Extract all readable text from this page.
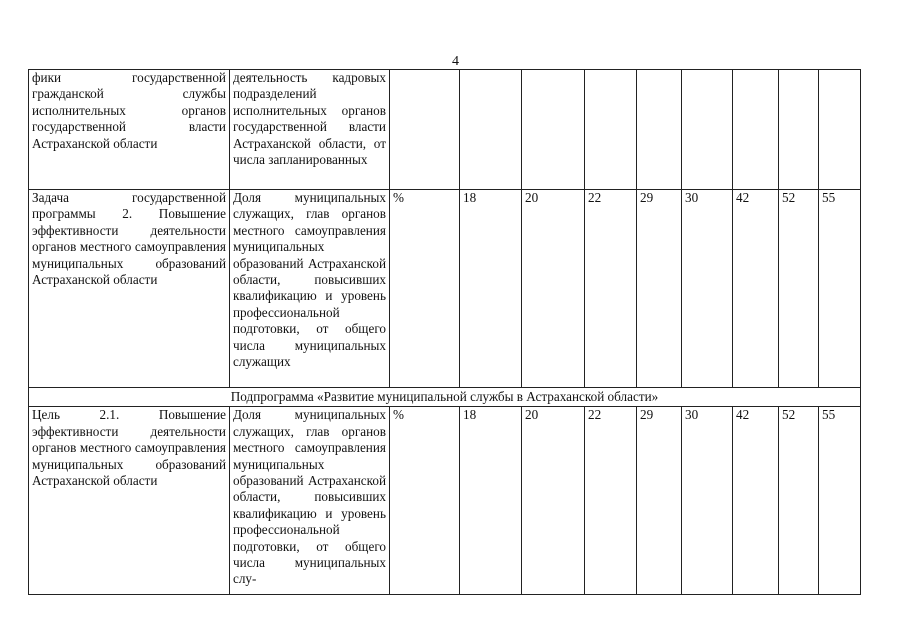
4
фики государственной гражданской службы исполнительных органов государственной власти Астраханской области	деятельность кадровых подразделений исполнительных органов государственной власти Астраханской области, от числа запланированных									
Задача государственной программы 2. Повышение эффективности деятельности органов местного самоуправления муниципальных образований Астраханской области	Доля муниципальных служащих, глав органов местного самоуправления муниципальных образований Астраханской области, повысивших квалификацию и уровень профессиональной подготовки, от общего числа муниципальных служащих	%	18	20	22	29	30	42	52	55
Подпрограмма «Развитие муниципальной службы в Астраханской области»										
Цель 2.1. Повышение эффективности деятельности органов местного самоуправления муниципальных образований Астраханской области	Доля муниципальных служащих, глав органов местного самоуправления муниципальных образований Астраханской области, повысивших квалификацию и уровень профессиональной подготовки, от общего числа муниципальных слу-	%	18	20	22	29	30	42	52	55
